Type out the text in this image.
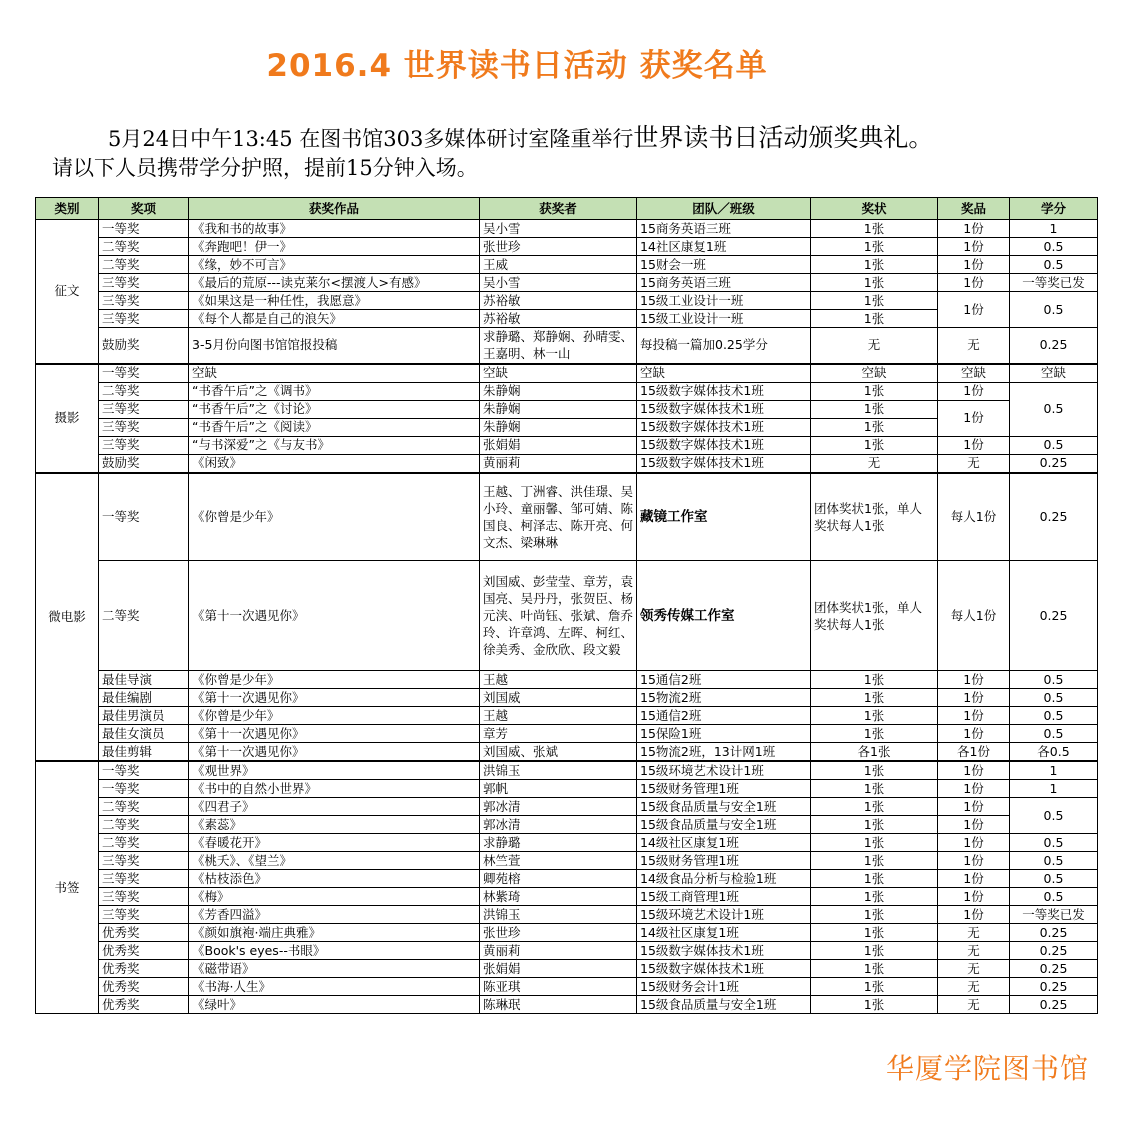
2016.4 世界读书日活动 获奖名单
5月24日中午13:45 在图书馆303多媒体研讨室隆重举行世界读书日活动颁奖典礼。
请以下人员携带学分护照，提前15分钟入场。
类别	奖项	获奖作品	获奖者	团队／班级	奖状	奖品	学分
征文	一等奖	《我和书的故事》	吴小雪	15商务英语三班	1张	1份	1
	二等奖	《奔跑吧！伊一》	张世珍	14社区康复1班	1张	1份	0.5
	二等奖	《缘，妙不可言》	王威	15财会一班	1张	1份	0.5
	三等奖	《最后的荒原---读克莱尔<摆渡人>有感》	吴小雪	15商务英语三班	1张	1份	一等奖已发
	三等奖	《如果这是一种任性，我愿意》	苏裕敏	15级工业设计一班	1张	1份	0.5
	三等奖	《每个人都是自己的浪矢》	苏裕敏	15级工业设计一班	1张		
	鼓励奖	3-5月份向图书馆馆报投稿	求静璐、郑静娴、孙晴雯、王嘉明、林一山	每投稿一篇加0.25学分	无	无	0.25
摄影	一等奖	空缺	空缺	空缺	空缺	空缺	空缺
	二等奖	“书香午后”之《调书》	朱静娴	15级数字媒体技术1班	1张	1份	0.5
	三等奖	“书香午后”之《讨论》	朱静娴	15级数字媒体技术1班	1张	1份	
	三等奖	“书香午后”之《阅读》	朱静娴	15级数字媒体技术1班	1张		
	三等奖	“与书深爱”之《与友书》	张娟娟	15级数字媒体技术1班	1张	1份	0.5
	鼓励奖	《闲致》	黄丽莉	15级数字媒体技术1班	无	无	0.25
微电影	一等奖	《你曾是少年》	王越、丁洲睿、洪佳璟、吴小玲、童丽馨、邹可婧、陈国良、柯泽志、陈开亮、何文杰、梁琳琳	藏镜工作室	团体奖状1张，单人奖状每人1张	每人1份	0.25
	二等奖	《第十一次遇见你》	刘国威、彭莹莹、章芳，袁国亮、吴丹丹，张贺臣、杨元浃、叶尚钰、张斌、詹乔玲、许章鸿、左晖、柯红、徐美秀、金欣欣、段文毅	领秀传媒工作室	团体奖状1张，单人奖状每人1张	每人1份	0.25
	最佳导演	《你曾是少年》	王越	15通信2班	1张	1份	0.5
	最佳编剧	《第十一次遇见你》	刘国威	15物流2班	1张	1份	0.5
	最佳男演员	《你曾是少年》	王越	15通信2班	1张	1份	0.5
	最佳女演员	《第十一次遇见你》	章芳	15保险1班	1张	1份	0.5
	最佳剪辑	《第十一次遇见你》	刘国威、张斌	15物流2班，13计网1班	各1张	各1份	各0.5
书签	一等奖	《观世界》	洪锦玉	15级环境艺术设计1班	1张	1份	1
	一等奖	《书中的自然小世界》	郭帆	15级财务管理1班	1张	1份	1
	二等奖	《四君子》	郭冰清	15级食品质量与安全1班	1张	1份	0.5
	二等奖	《素蕊》	郭冰清	15级食品质量与安全1班	1张	1份	
	二等奖	《春暖花开》	求静璐	14级社区康复1班	1张	1份	0.5
	三等奖	《桃夭》、《望兰》	林竺萱	15级财务管理1班	1张	1份	0.5
	三等奖	《枯枝添色》	卿苑榕	14级食品分析与检验1班	1张	1份	0.5
	三等奖	《梅》	林紫琦	15级工商管理1班	1张	1份	0.5
	三等奖	《芳香四溢》	洪锦玉	15级环境艺术设计1班	1张	1份	一等奖已发
	优秀奖	《颜如旗袍·端庄典雅》	张世珍	14级社区康复1班	1张	无	0.25
	优秀奖	《Book's eyes--书眼》	黄丽莉	15级数字媒体技术1班	1张	无	0.25
	优秀奖	《磁带语》	张娟娟	15级数字媒体技术1班	1张	无	0.25
	优秀奖	《书海·人生》	陈亚琪	15级财务会计1班	1张	无	0.25
	优秀奖	《绿叶》	陈琳珉	15级食品质量与安全1班	1张	无	0.25
华厦学院图书馆
